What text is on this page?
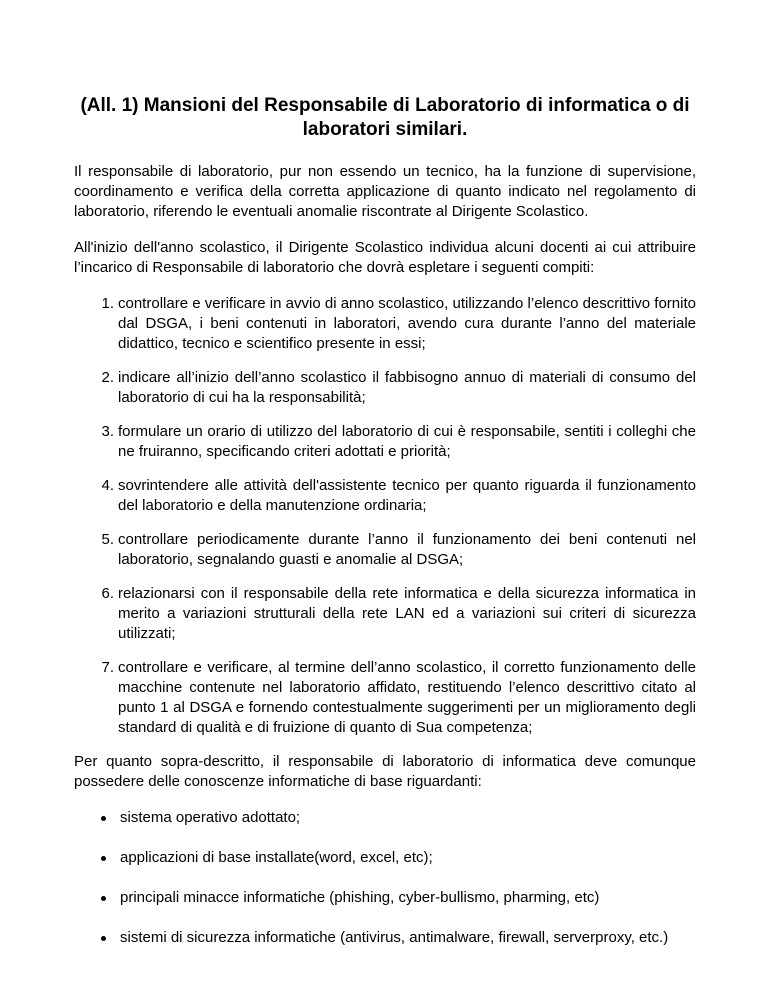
(All. 1) Mansioni del Responsabile di Laboratorio di informatica o di laboratori similari.

Il responsabile di laboratorio, pur non essendo un tecnico, ha la funzione di supervisione, coordinamento e verifica della corretta applicazione di quanto indicato nel regolamento di laboratorio, riferendo le eventuali anomalie riscontrate al Dirigente Scolastico.

All'inizio dell'anno scolastico, il Dirigente Scolastico individua alcuni docenti ai cui attribuire l’incarico di Responsabile di laboratorio che dovrà espletare i seguenti compiti:

1. controllare e verificare in avvio di anno scolastico, utilizzando l’elenco descrittivo fornito dal DSGA, i beni contenuti in laboratori, avendo cura durante l’anno del materiale didattico, tecnico e scientifico presente in essi;
2. indicare all’inizio dell’anno scolastico il fabbisogno annuo di materiali di consumo del laboratorio di cui ha la responsabilità;
3. formulare un orario di utilizzo del laboratorio di cui è responsabile, sentiti i colleghi che ne fruiranno, specificando criteri adottati e priorità;
4. sovrintendere alle attività dell'assistente tecnico per quanto riguarda il funzionamento del laboratorio e della manutenzione ordinaria;
5. controllare periodicamente durante l’anno il funzionamento dei beni contenuti nel laboratorio, segnalando guasti e anomalie al DSGA;
6. relazionarsi con il responsabile della rete informatica e della sicurezza informatica in merito a variazioni strutturali della rete LAN ed a variazioni sui criteri di sicurezza utilizzati;
7. controllare e verificare, al termine dell’anno scolastico, il corretto funzionamento delle macchine contenute nel laboratorio affidato, restituendo l’elenco descrittivo citato al punto 1 al DSGA e fornendo contestualmente suggerimenti per un miglioramento degli standard di qualità e di fruizione di quanto di Sua competenza;

Per quanto sopra-descritto, il responsabile di laboratorio di informatica deve comunque possedere delle conoscenze informatiche di base riguardanti:

sistema operativo adottato;
applicazioni di base installate(word, excel, etc);
principali minacce informatiche (phishing, cyber-bullismo, pharming, etc)
sistemi di sicurezza informatiche (antivirus, antimalware, firewall, serverproxy, etc.)
